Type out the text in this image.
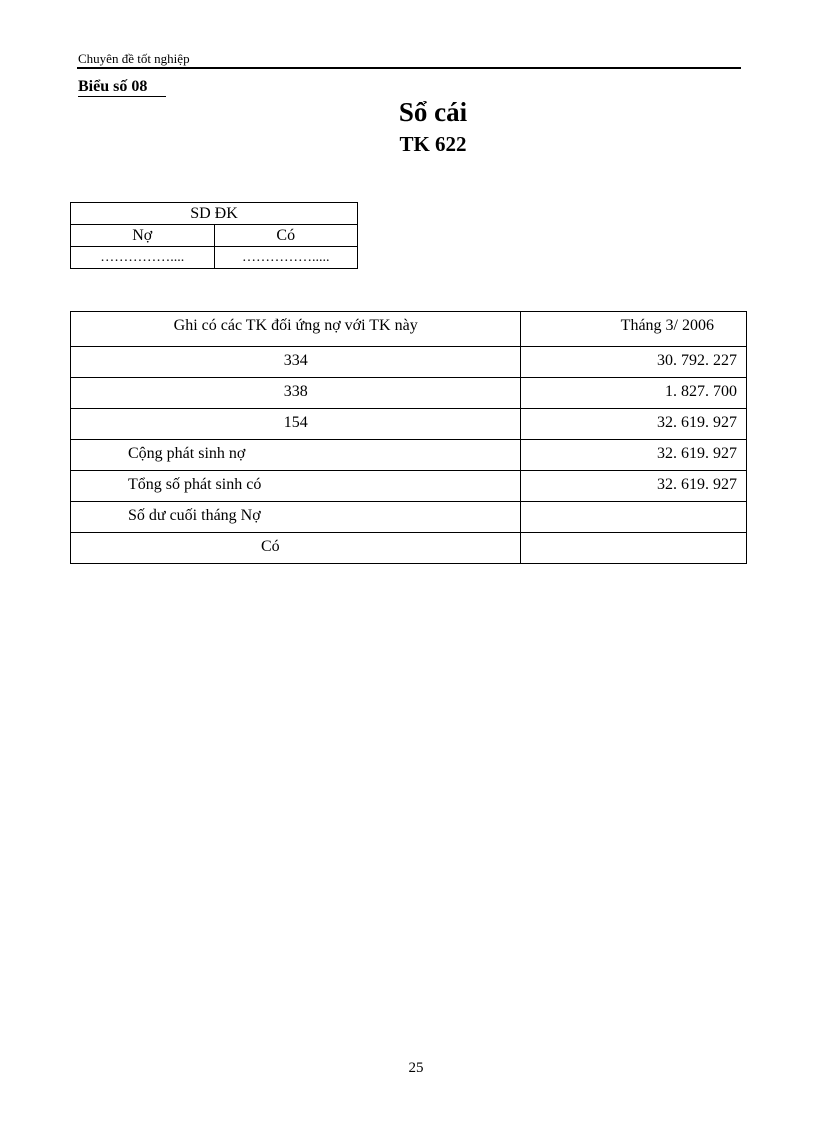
Chuyên đề tốt nghiệp
Biểu số 08
Sổ cái
TK 622
SD ĐK	
Nợ	Có
……………....	…………….....
Ghi có các TK đối ứng nợ với TK này	Tháng 3/ 2006
334	30. 792. 227
338	1. 827. 700
154	32. 619. 927
Cộng phát sinh nợ	32. 619. 927
Tổng số phát sinh có	32. 619. 927
Số dư cuối tháng Nợ	
Có	
25
